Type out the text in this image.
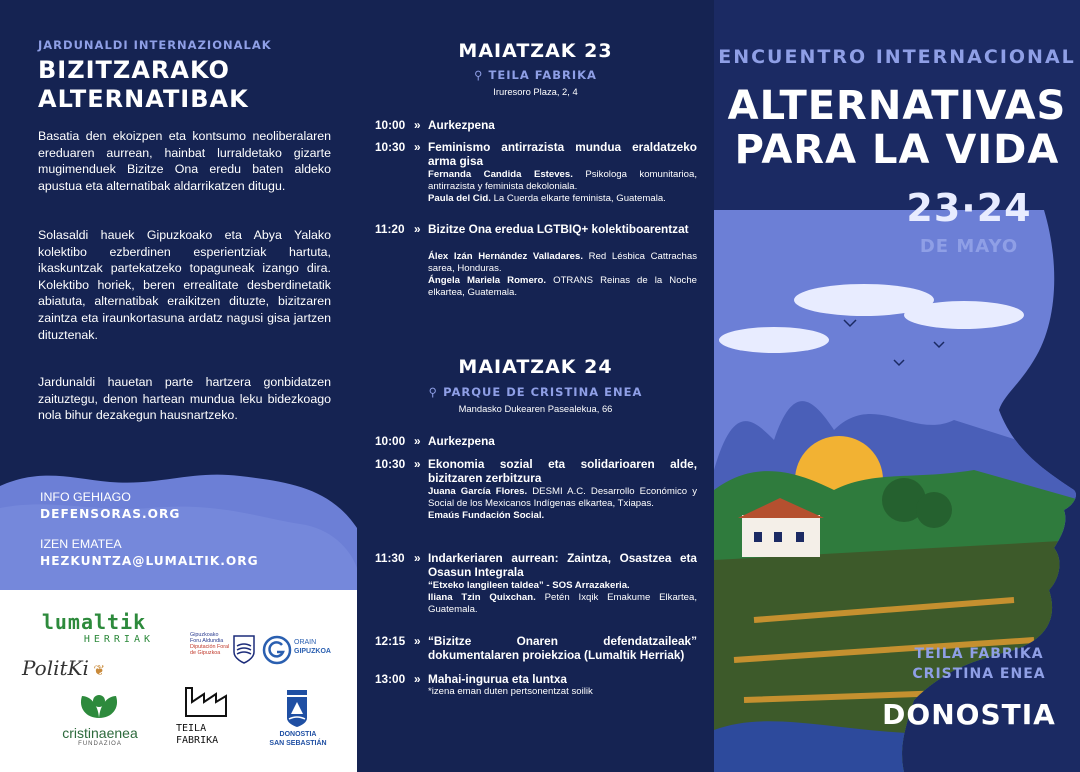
JARDUNALDI INTERNAZIONALAK
BIZITZARAKO
ALTERNATIBAK

Basatia den ekoizpen eta kontsumo neoliberalaren ereduaren aurrean, hainbat lurraldetako gizarte mugimenduek Bizitze Ona eredu baten aldeko apustua eta alternatibak aldarrikatzen ditugu.

Solasaldi hauek Gipuzkoako eta Abya Yalako kolektibo ezberdinen esperientziak hartuta, ikaskuntzak partekatzeko topaguneak izango dira. Kolektibo horiek, beren errealitate desberdinetatik abiatuta, alternatibak eraikitzen dituzte, bizitzaren zaintza eta iraunkortasuna ardatz nagusi gisa jartzen dituztenak.

Jardunaldi hauetan parte hartzera gonbidatzen zaituztegu, denon hartean mundua leku bidezkoago nola bihur dezakegun hausnartzeko.

INFO GEHIAGO
DEFENSORAS.ORG
IZEN EMATEA
HEZKUNTZA@LUMALTIK.ORG
lumaltik
HERRIAK
PolitKi ❦
Gipuzkoako
Foru Aldundia
Diputación Foral
de Gipuzkoa
ORAIN
GIPUZKOA
cristinaenea
FUNDAZIOA
TEILA
FABRIKA
DONOSTIA
SAN SEBASTIÁN
MAIATZAK 23
⚲ TEILA FABRIKA
Iruresoro Plaza, 2, 4
10:00 » Aurkezpena
10:30 » Feminismo antirrazista mundua eraldatzeko arma gisa
Fernanda Candida Esteves. Psikologa komunitarioa, antirrazista y feminista dekoloniala.
Paula del Cid. La Cuerda elkarte feminista, Guatemala.
11:20 » Bizitze Ona eredua LGTBIQ+ kolektiboarentzat
Álex Izán Hernández Valladares. Red Lésbica Cattrachas sarea, Honduras.
Ángela Mariela Romero. OTRANS Reinas de la Noche elkartea, Guatemala.
MAIATZAK 24
⚲ PARQUE DE CRISTINA ENEA
Mandasko Dukearen Pasealekua, 66
10:00 » Aurkezpena
10:30 » Ekonomia sozial eta solidarioaren alde, bizitzaren zerbitzura
Juana García Flores. DESMI A.C. Desarrollo Económico y Social de los Mexicanos Indígenas elkartea, Txiapas.
Emaús Fundación Social.
11:30 » Indarkeriaren aurrean: Zaintza, Osastzea eta Osasun Integrala
“Etxeko langileen taldea” - SOS Arrazakeria.
Iliana Tzin Quixchan. Petén Ixqik Emakume Elkartea, Guatemala.
12:15 » “Bizitze Onaren defendatzaileak” dokumentalaren proiekzioa (Lumaltik Herriak)
13:00 » Mahai-ingurua eta luntxa
*izena eman duten pertsonentzat soilik
ENCUENTRO INTERNACIONAL
ALTERNATIVAS
PARA LA VIDA
23·24
DE MAYO
TEILA FABRIKA
CRISTINA ENEA
DONOSTIA
